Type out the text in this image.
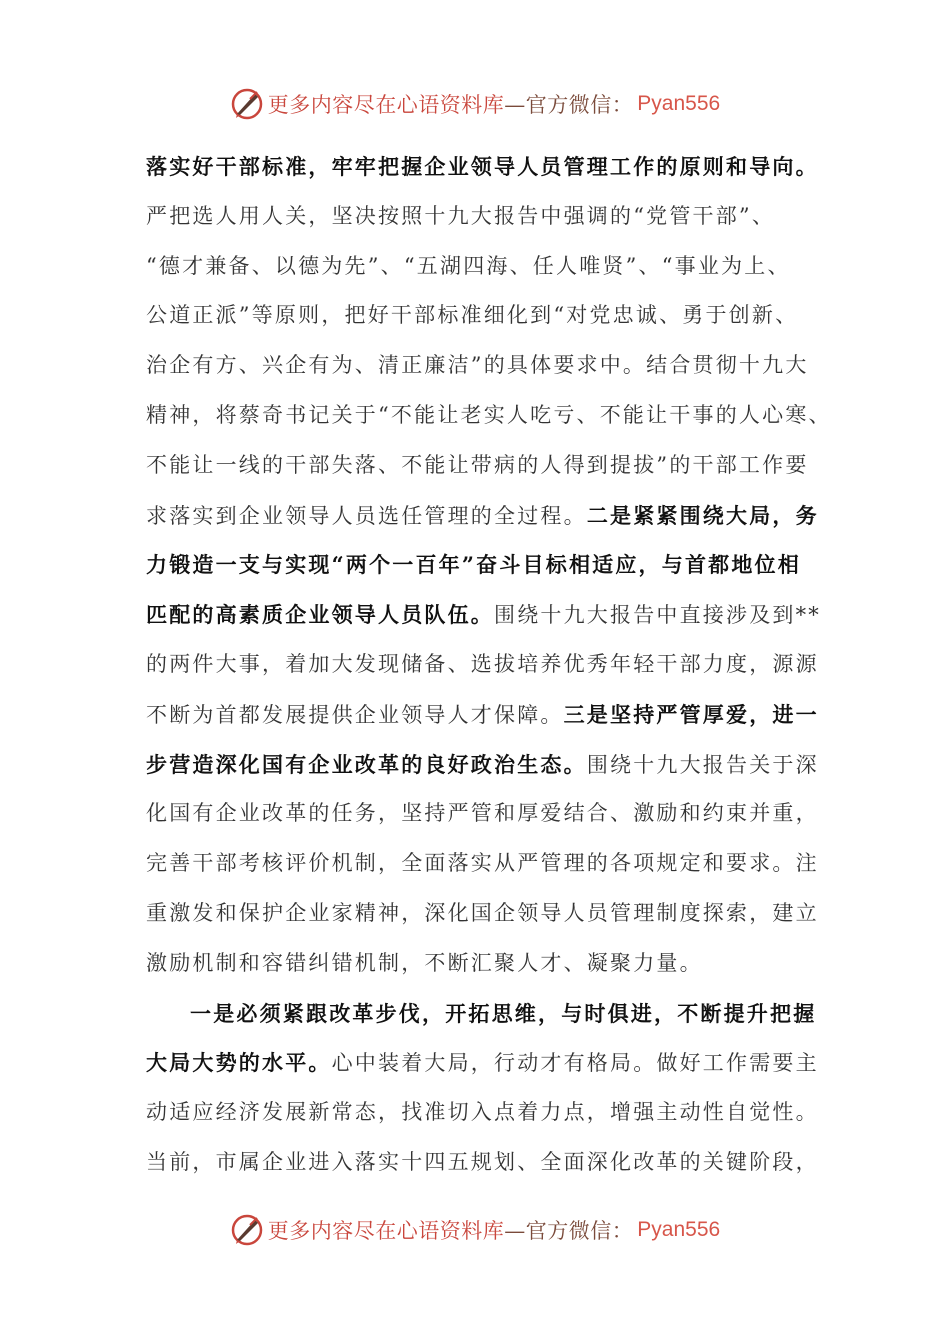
更多内容尽在心语资料库—官方微信： Pyan556
落实好干部标准，牢牢把握企业领导人员管理工作的原则和导向。
严把选人用人关，坚决按照十九大报告中强调的“党管干部”、
“德才兼备、以德为先”、“五湖四海、任人唯贤”、“事业为上、
公道正派”等原则，把好干部标准细化到“对党忠诚、勇于创新、
治企有方、兴企有为、清正廉洁”的具体要求中。结合贯彻十九大
精神，将蔡奇书记关于“不能让老实人吃亏、不能让干事的人心寒、
不能让一线的干部失落、不能让带病的人得到提拔”的干部工作要
求落实到企业领导人员选任管理的全过程。二是紧紧围绕大局，务
力锻造一支与实现“两个一百年”奋斗目标相适应，与首都地位相
匹配的高素质企业领导人员队伍。围绕十九大报告中直接涉及到**
的两件大事，着加大发现储备、选拔培养优秀年轻干部力度，源源
不断为首都发展提供企业领导人才保障。三是坚持严管厚爱，进一
步营造深化国有企业改革的良好政治生态。围绕十九大报告关于深
化国有企业改革的任务，坚持严管和厚爱结合、激励和约束并重，
完善干部考核评价机制，全面落实从严管理的各项规定和要求。注
重激发和保护企业家精神，深化国企领导人员管理制度探索，建立
激励机制和容错纠错机制，不断汇聚人才、凝聚力量。
一是必须紧跟改革步伐，开拓思维，与时俱进，不断提升把握
大局大势的水平。心中装着大局，行动才有格局。做好工作需要主
动适应经济发展新常态，找准切入点着力点，增强主动性自觉性。
当前，市属企业进入落实十四五规划、全面深化改革的关键阶段，
更多内容尽在心语资料库—官方微信： Pyan556
